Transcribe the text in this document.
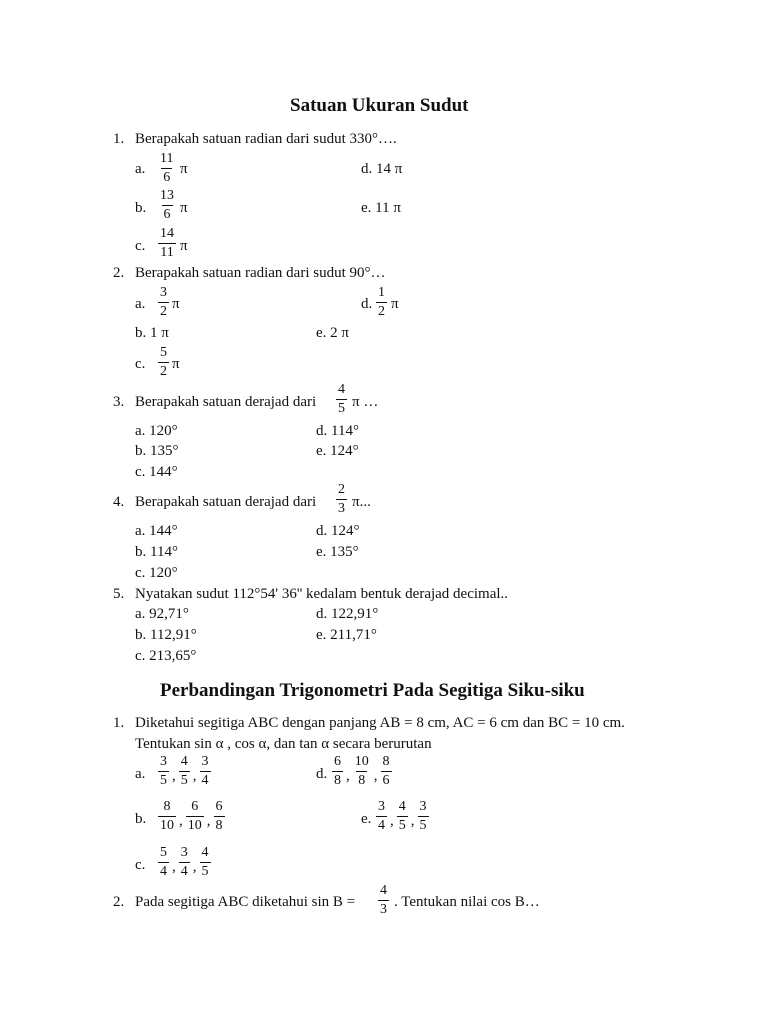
Satuan Ukuran Sudut
1. Berapakah satuan radian dari sudut 330°….
a. $\frac{11}{6}$ π	d. 14 π
b. $\frac{13}{6}$ π	e. 11 π
c. $\frac{14}{11}$ π
2. Berapakah satuan radian dari sudut 90°…
a. $\frac{3}{2}$ π	d. $\frac{1}{2}$ π
b. 1 π	e. 2 π
c. $\frac{5}{2}$ π
3. Berapakah satuan derajad dari $\frac{4}{5}$ π …
a. 120°	d. 114°
b. 135°	e. 124°
c. 144°
4. Berapakah satuan derajad dari $\frac{2}{3} \pi$...
a. 144°	d. 124°
b. 114°	e. 135°
c. 120°
5. Nyatakan sudut 112°54' 36'' kedalam bentuk derajad decimal..
a. 92,71°	d. 122,91°
b. 112,91°	e. 211,71°
c. 213,65°
Perbandingan Trigonometri Pada Segitiga Siku-siku
1. Diketahui segitiga ABC dengan panjang AB = 8 cm, AC = 6 cm dan BC = 10 cm.
Tentukan sin α , cos α, dan tan α secara berurutan
a. $\frac{3}{5}$ , $\frac{4}{5}$ , $\frac{3}{4}$	d. $\frac{6}{8}$ , $\frac{10}{8}$ , $\frac{8}{6}$
b. $\frac{8}{10}$ , $\frac{6}{10}$ , $\frac{6}{8}$	e. $\frac{3}{4}$ , $\frac{4}{5}$ , $\frac{3}{5}$
c. $\frac{5}{4}$ , $\frac{3}{4}$ , $\frac{4}{5}$
2. Pada segitiga ABC diketahui $\sin B = \frac{4}{3}$ . Tentukan nilai cos B…
